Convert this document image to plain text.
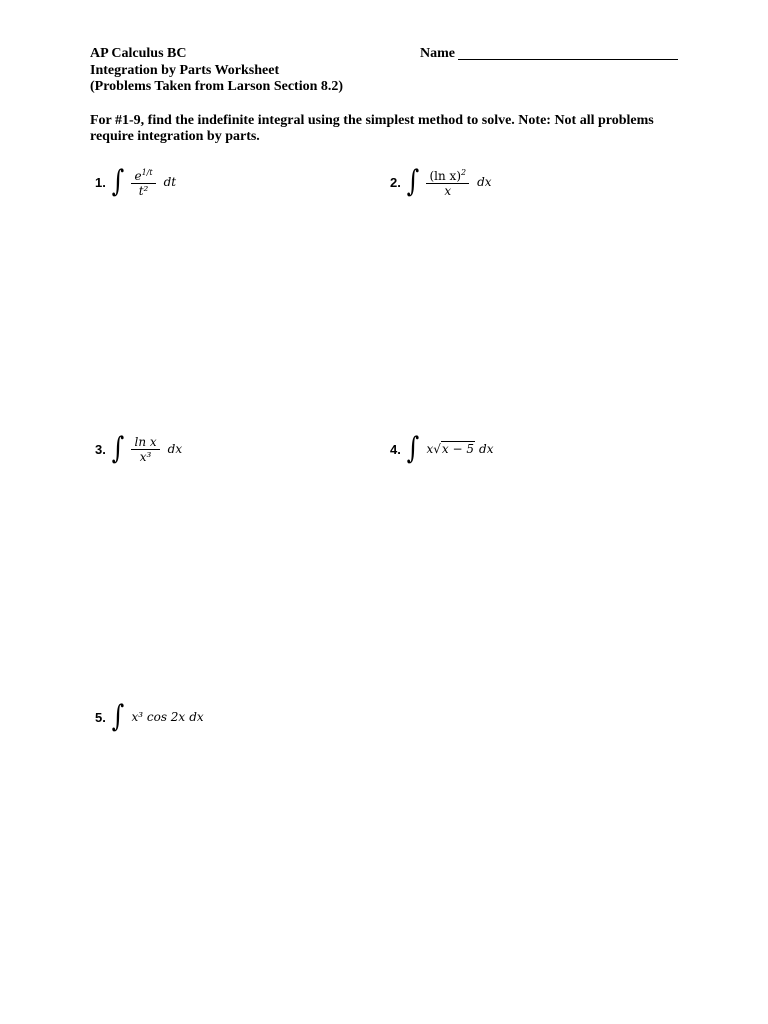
AP Calculus BC
Integration by Parts Worksheet
(Problems Taken from Larson Section 8.2)
Name
For #1-9, find the indefinite integral using the simplest method to solve. Note: Not all problems require integration by parts.
1. ∫ $\frac{e^{1/t}}{\text{t²}}$ dt	2. ∫ $\frac{(\ln x)^2}{x}$ dx
3. ∫ $\frac{\text{ln x}}{\text{x³}}$ dx	4. ∫ x√x − 5 dx
5. ∫ x³ cos 2x dx
